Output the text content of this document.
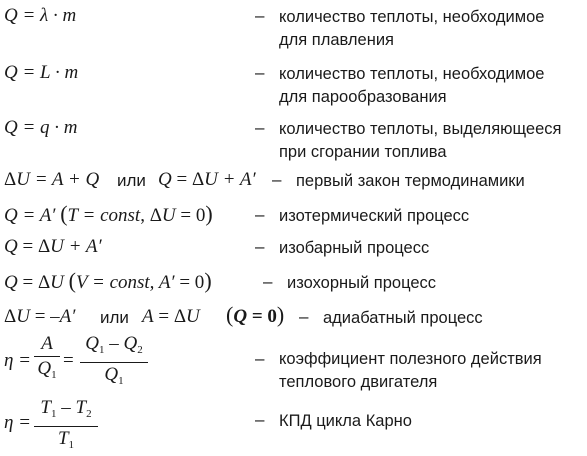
Q = λ · m	– количество теплоты, необходимое
для плавления
Q = L · m	– количество теплоты, необходимое
для парообразования
Q = q · m	– количество теплоты, выделяющееся
при сгорании топлива
ΔU = A + Q или Q = ΔU + A′ – первый закон термодинамики
Q = A′ (T = const, ΔU = 0) – изотермический процесс
Q = ΔU + A′	– изобарный процесс
Q = ΔU (V = const, A′ = 0)	– изохорный процесс
ΔU = –A′ или A = ΔU (Q = 0) – адиабатный процесс
η =
A
$Q_1$
=
$Q_1 - Q_2$
$Q_1$
– коэффициент полезного действия
теплового двигателя
η =
$T_1 - T_2$
$T_1$
– КПД цикла Карно
